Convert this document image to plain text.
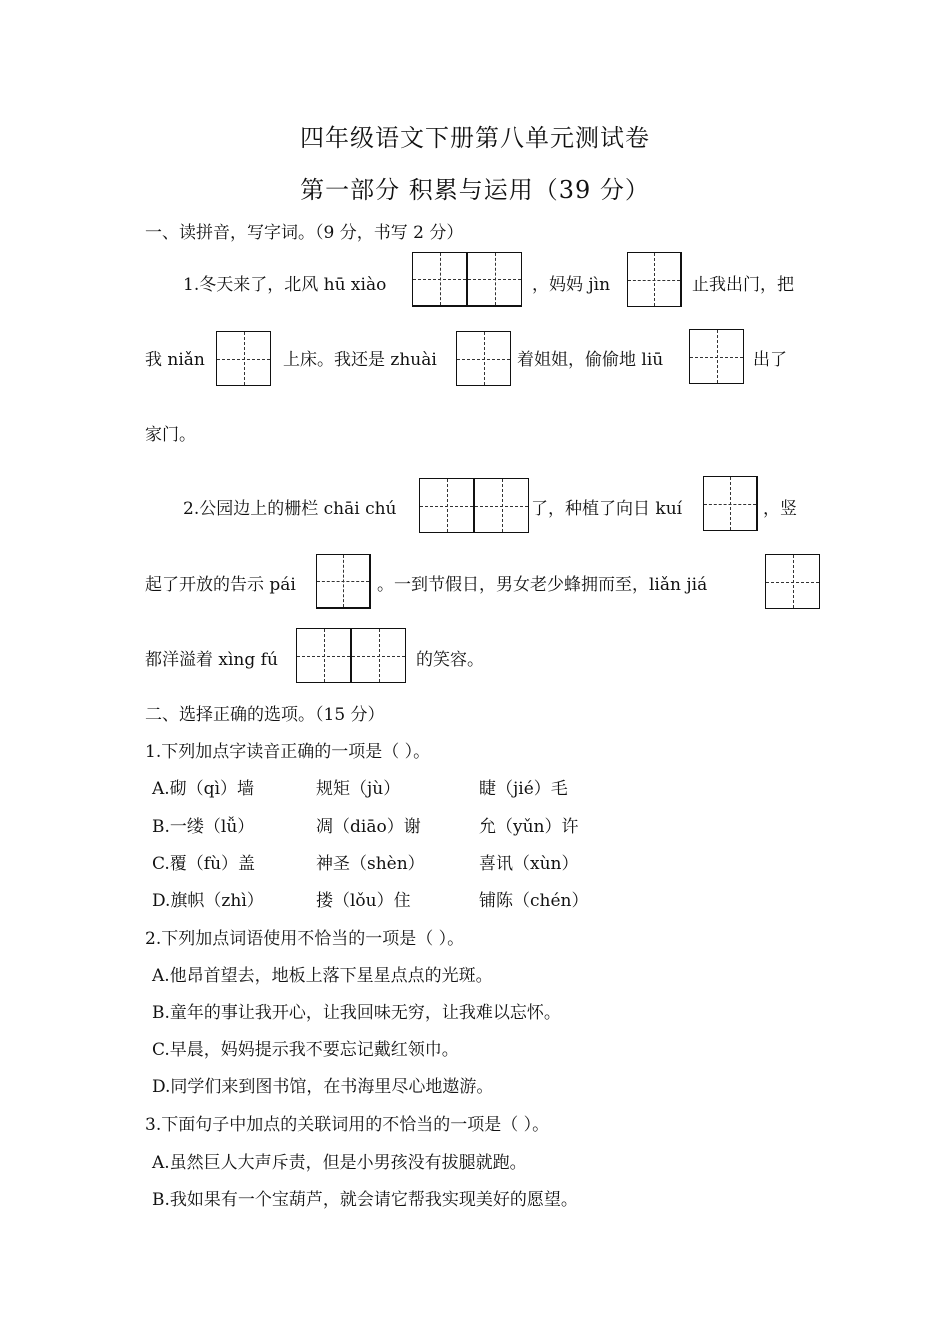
四年级语文下册第八单元测试卷
第一部分 积累与运用（39 分）
一、读拼音，写字词。（9 分，书写 2 分）
1.冬天来了，北风 hū xiào	，妈妈 jìn	止我出门，把
我 niǎn	上床。我还是 zhuài	着姐姐，偷偷地 liū	出了
家门。
2.公园边上的栅栏 chāi chú	了，种植了向日 kuí	，竖
起了开放的告示 pái	。一到节假日，男女老少蜂拥而至，liǎn jiá
都洋溢着 xìng fú	的笑容。
二、选择正确的选项。（15 分）
1.下列加点字读音正确的一项是（ ）。
A.砌（qì）墙	规矩（jù）	睫（jié）毛
B.一缕（lǚ）	凋（diāo）谢	允（yǔn）许
C.覆（fù）盖	神圣（shèn）	喜讯（xùn）
D.旗帜（zhì）	搂（lǒu）住	铺陈（chén）
2.下列加点词语使用不恰当的一项是（ ）。
A.他昂首望去，地板上落下星星点点的光斑。
B.童年的事让我开心，让我回味无穷，让我难以忘怀。
C.早晨，妈妈提示我不要忘记戴红领巾。
D.同学们来到图书馆，在书海里尽心地遨游。
3.下面句子中加点的关联词用的不恰当的一项是（ ）。
A.虽然巨人大声斥责，但是小男孩没有拔腿就跑。
B.我如果有一个宝葫芦，就会请它帮我实现美好的愿望。
